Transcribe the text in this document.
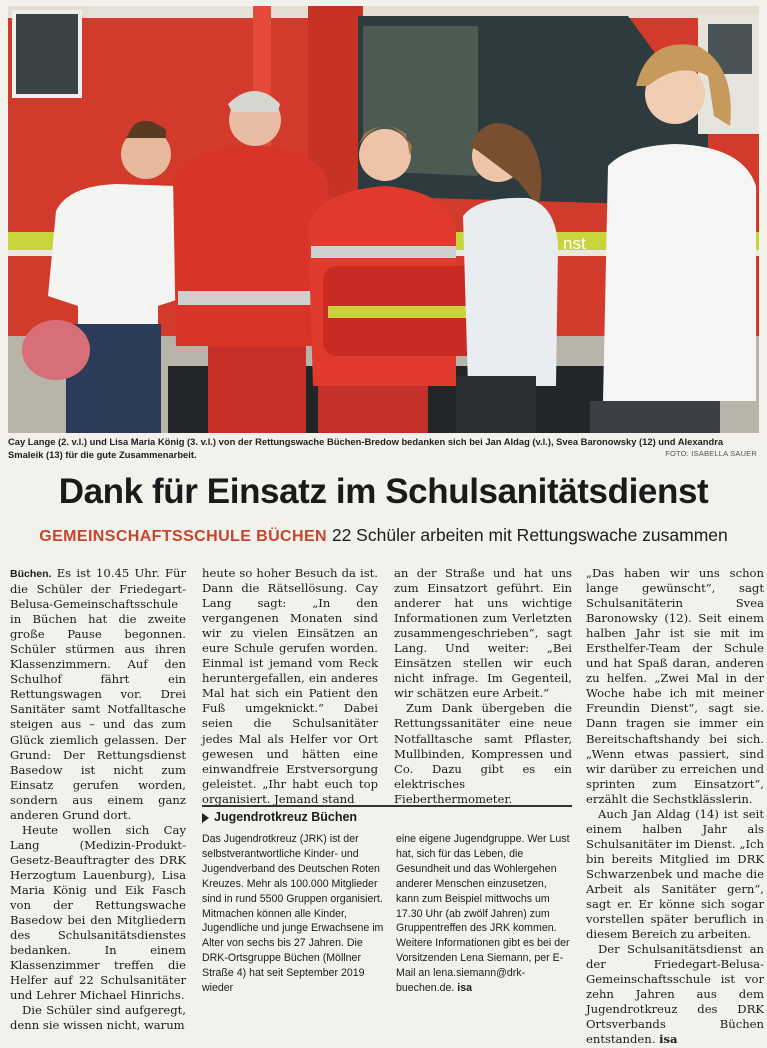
nst
Cay Lange (2. v.l.) und Lisa Maria König (3. v.l.) von der Rettungswache Büchen-Bredow bedanken sich bei Jan Aldag (v.l.), Svea Baronowsky (12) und Alexandra Smaleik (13) für die gute Zusammenarbeit.	FOTO: ISABELLA SAUER
Dank für Einsatz im Schulsanitätsdienst
GEMEINSCHAFTSSCHULE BÜCHEN 22 Schüler arbeiten mit Rettungswache zusammen

Büchen. Es ist 10.45 Uhr. Für die Schüler der Friedegart-Belusa-Gemeinschaftsschule in Büchen hat die zweite große Pause begonnen. Schüler stürmen aus ihren Klassenzimmern. Auf den Schulhof fährt ein Rettungswagen vor. Drei Sanitäter samt Notfalltasche steigen aus – und das zum Glück ziemlich gelassen. Der Grund: Der Rettungsdienst Basedow ist nicht zum Einsatz gerufen worden, sondern aus einem ganz anderen Grund dort.

Heute wollen sich Cay Lang (Medizin-Produkt-Gesetz-Beauftragter des DRK Herzogtum Lauenburg), Lisa Maria König und Eik Fasch von der Rettungswache Basedow bei den Mitgliedern des Schulsanitätsdienstes bedanken. In einem Klassenzimmer treffen die Helfer auf 22 Schulsanitäter und Lehrer Michael Hinrichs.

Die Schüler sind aufgeregt, denn sie wissen nicht, warum

heute so hoher Besuch da ist. Dann die Rätsellösung. Cay Lang sagt: „In den vergangenen Monaten sind wir zu vielen Einsätzen an eure Schule gerufen worden. Einmal ist jemand vom Reck heruntergefallen, ein anderes Mal hat sich ein Patient den Fuß umgeknickt.“ Dabei seien die Schulsanitäter jedes Mal als Helfer vor Ort gewesen und hätten eine einwandfreie Erstversorgung geleistet. „Ihr habt euch top organisiert. Jemand stand

an der Straße und hat uns zum Einsatzort geführt. Ein anderer hat uns wichtige Informationen zum Verletzten zusammengeschrieben“, sagt Lang. Und weiter: „Bei Einsätzen stellen wir euch nicht infrage. Im Gegenteil, wir schätzen eure Arbeit.“

Zum Dank übergeben die Rettungssanitäter eine neue Notfalltasche samt Pflaster, Mullbinden, Kompressen und Co. Dazu gibt es ein elektrisches Fieberthermometer.

„Das haben wir uns schon lange gewünscht“, sagt Schulsanitäterin Svea Baronowsky (12). Seit einem halben Jahr ist sie mit im Ersthelfer-Team der Schule und hat Spaß daran, anderen zu helfen. „Zwei Mal in der Woche habe ich mit meiner Freundin Dienst“, sagt sie. Dann tragen sie immer ein Bereitschaftshandy bei sich. „Wenn etwas passiert, sind wir darüber zu erreichen und sprinten zum Einsatzort“, erzählt die Sechstklässlerin.

Auch Jan Aldag (14) ist seit einem halben Jahr als Schulsanitäter im Dienst. „Ich bin bereits Mitglied im DRK Schwarzenbek und mache die Arbeit als Sanitäter gern“, sagt er. Er könne sich sogar vorstellen später beruflich in diesem Bereich zu arbeiten.

Der Schulsanitätsdienst an der Friedegart-Belusa-Gemeinschaftsschule ist vor zehn Jahren aus dem Jugendrotkreuz des DRK Ortsverbands Büchen entstanden. isa

Jugendrotkreuz Büchen
Das Jugendrotkreuz (JRK) ist der selbstverantwortliche Kinder- und Jugendverband des Deutschen Roten Kreuzes. Mehr als 100.000 Mitglieder sind in rund 5500 Gruppen organisiert. Mitmachen können alle Kinder, Jugendliche und junge Erwachsene im Alter von sechs bis 27 Jahren. Die DRK-Ortsgruppe Büchen (Möllner Straße 4) hat seit September 2019 wieder
eine eigene Jugendgruppe. Wer Lust hat, sich für das Leben, die Gesundheit und das Wohlergehen anderer Menschen einzusetzen, kann zum Beispiel mittwochs um 17.30 Uhr (ab zwölf Jahren) zum Gruppentreffen des JRK kommen. Weitere Informationen gibt es bei der Vorsitzenden Lena Siemann, per E-Mail an lena.siemann@drk-buechen.de. isa
